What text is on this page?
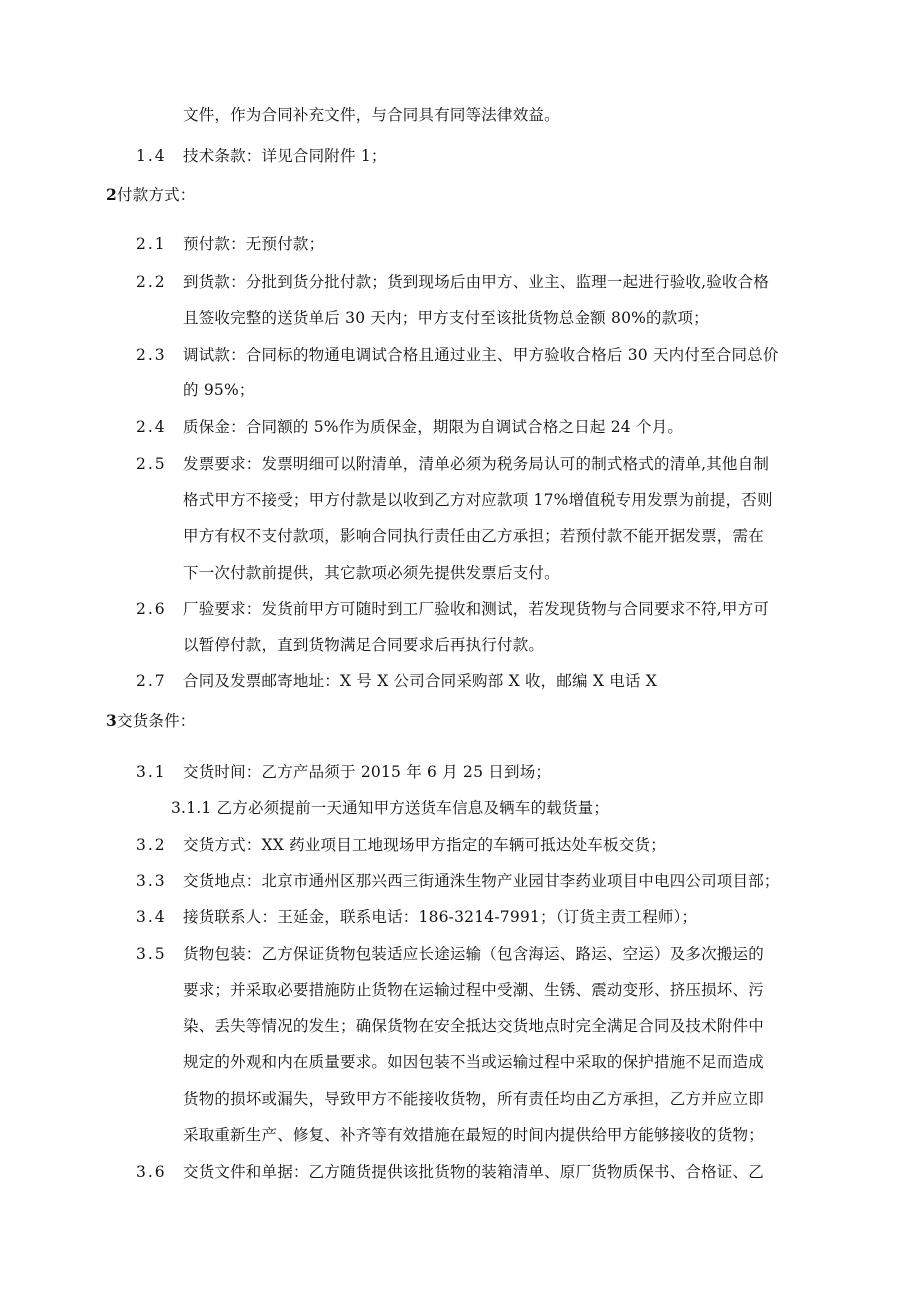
文件，作为合同补充文件，与合同具有同等法律效益。
1.4 技术条款：详见合同附件 1；
2付款方式：
2.1 预付款：无预付款；
2.2 到货款：分批到货分批付款；货到现场后由甲方、业主、监理一起进行验收,验收合格
且签收完整的送货单后 30 天内；甲方支付至该批货物总金额 80%的款项；
2.3 调试款：合同标的物通电调试合格且通过业主、甲方验收合格后 30 天内付至合同总价
的 95%；
2.4 质保金：合同额的 5%作为质保金，期限为自调试合格之日起 24 个月。
2.5 发票要求：发票明细可以附清单，清单必须为税务局认可的制式格式的清单,其他自制
格式甲方不接受；甲方付款是以收到乙方对应款项 17%增值税专用发票为前提，否则
甲方有权不支付款项，影响合同执行责任由乙方承担；若预付款不能开据发票，需在
下一次付款前提供，其它款项必须先提供发票后支付。
2.6 厂验要求：发货前甲方可随时到工厂验收和测试，若发现货物与合同要求不符,甲方可
以暂停付款，直到货物满足合同要求后再执行付款。
2.7 合同及发票邮寄地址：X 号 X 公司合同采购部 X 收，邮编 X 电话 X
3交货条件：
3.1 交货时间：乙方产品须于 2015 年 6 月 25 日到场；
3.1.1 乙方必须提前一天通知甲方送货车信息及辆车的载货量；
3.2 交货方式：XX 药业项目工地现场甲方指定的车辆可抵达处车板交货；
3.3 交货地点：北京市通州区那兴西三街通洙生物产业园甘李药业项目中电四公司项目部；
3.4 接货联系人：王延金，联系电话：186-3214-7991；（订货主责工程师）；
3.5 货物包装：乙方保证货物包装适应长途运输（包含海运、路运、空运）及多次搬运的
要求；并采取必要措施防止货物在运输过程中受潮、生锈、震动变形、挤压损坏、污
染、丢失等情况的发生；确保货物在安全抵达交货地点时完全满足合同及技术附件中
规定的外观和内在质量要求。如因包装不当或运输过程中采取的保护措施不足而造成
货物的损坏或漏失，导致甲方不能接收货物，所有责任均由乙方承担，乙方并应立即
采取重新生产、修复、补齐等有效措施在最短的时间内提供给甲方能够接收的货物；
3.6 交货文件和单据：乙方随货提供该批货物的装箱清单、原厂货物质保书、合格证、乙
